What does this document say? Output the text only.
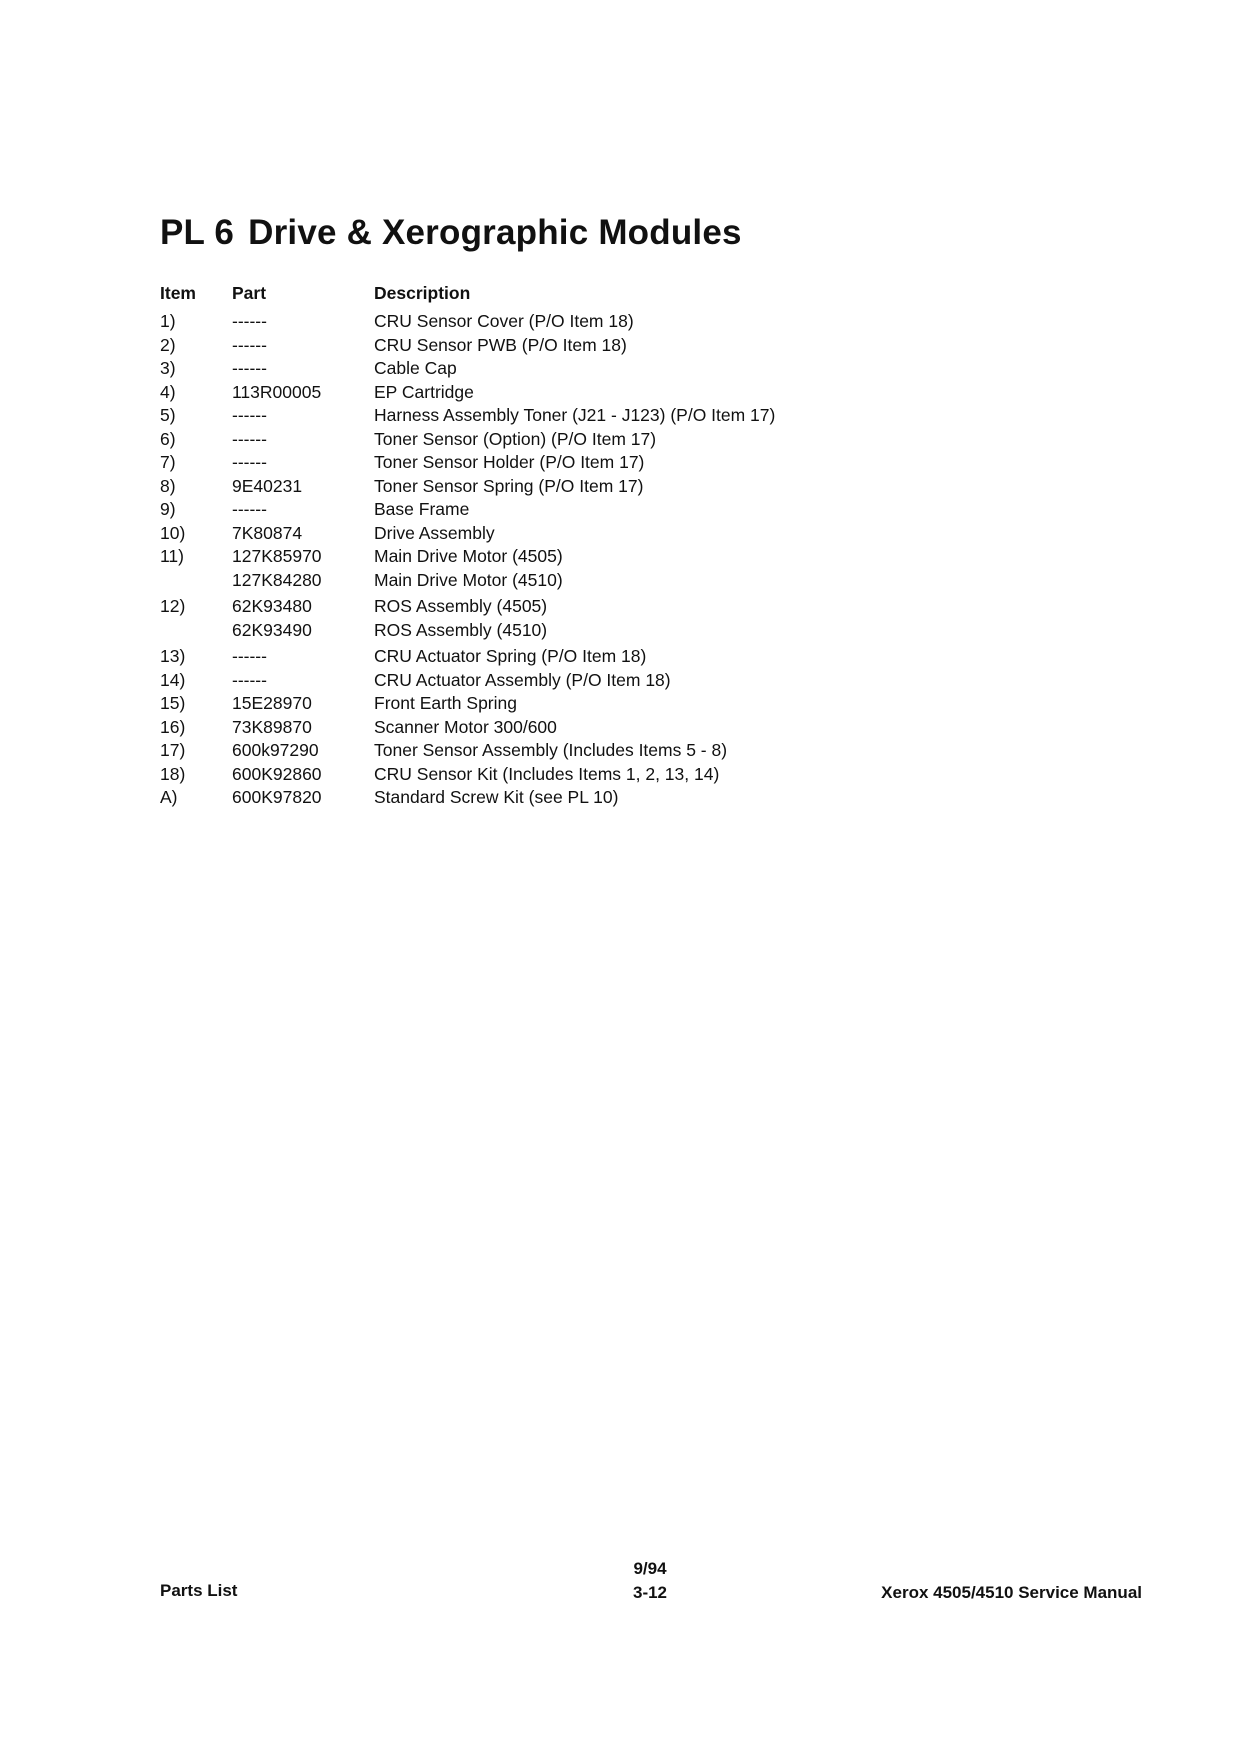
PL 6 Drive & Xerographic Modules
Item	Part	Description
1)	------	CRU Sensor Cover (P/O Item 18)
2)	------	CRU Sensor PWB (P/O Item 18)
3)	------	Cable Cap
4)	113R00005	EP Cartridge
5)	------	Harness Assembly Toner (J21 - J123) (P/O Item 17)
6)	------	Toner Sensor (Option) (P/O Item 17)
7)	------	Toner Sensor Holder (P/O Item 17)
8)	9E40231	Toner Sensor Spring (P/O Item 17)
9)	------	Base Frame
10)	7K80874	Drive Assembly
11)	127K85970	Main Drive Motor (4505)
	127K84280	Main Drive Motor (4510)
12)	62K93480	ROS Assembly (4505)
	62K93490	ROS Assembly (4510)
13)	------	CRU Actuator Spring (P/O Item 18)
14)	------	CRU Actuator Assembly (P/O Item 18)
15)	15E28970	Front Earth Spring
16)	73K89870	Scanner Motor 300/600
17)	600k97290	Toner Sensor Assembly (Includes Items 5 - 8)
18)	600K92860	CRU Sensor Kit (Includes Items 1, 2, 13, 14)
A)	600K97820	Standard Screw Kit (see PL 10)
Parts List
9/94
3-12	Xerox 4505/4510 Service Manual
